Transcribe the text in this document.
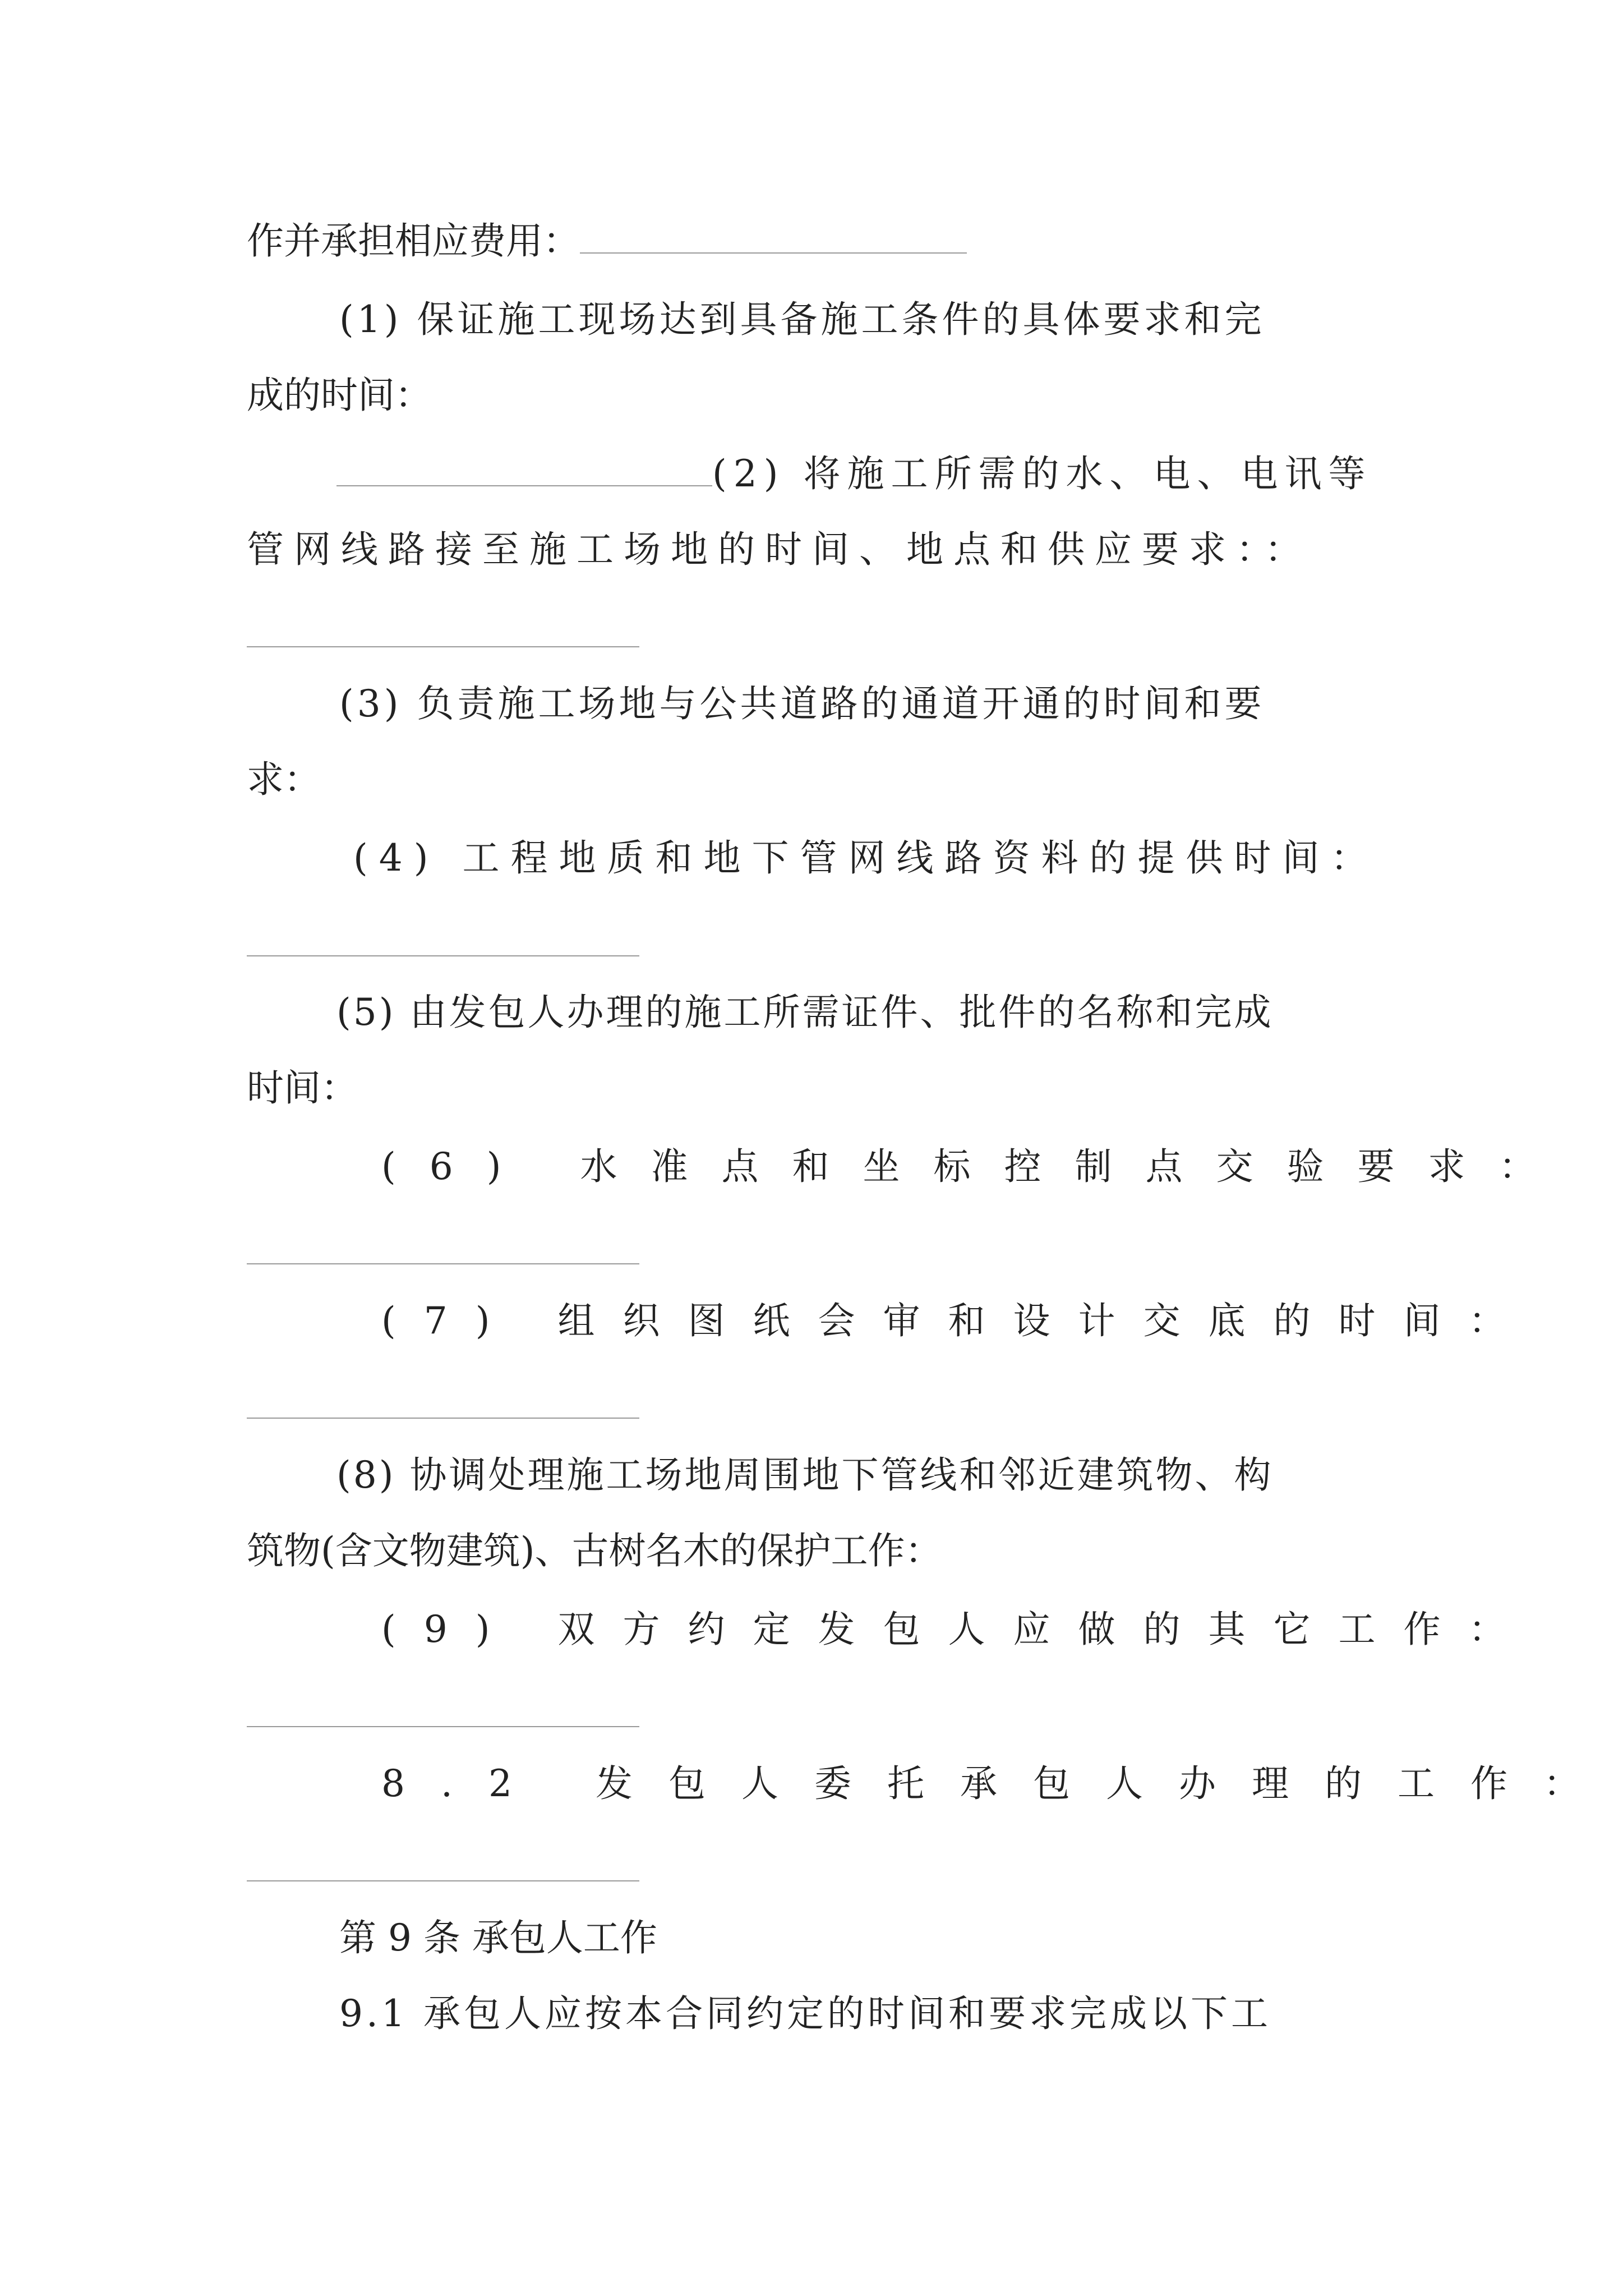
作并承担相应费用：

(1) 保证施工现场达到具备施工条件的具体要求和完

成的时间：

(2) 将施工所需的水、电、电讯等

管网线路接至施工场地的时间、地点和供应要求：：

(3) 负责施工场地与公共道路的通道开通的时间和要

求：

(4) 工程地质和地下管网线路资料的提供时间：

(5) 由发包人办理的施工所需证件、批件的名称和完成

时间：

(6) 水准点和坐标控制点交验要求：

(7) 组织图纸会审和设计交底的时间：

(8) 协调处理施工场地周围地下管线和邻近建筑物、构

筑物(含文物建筑)、古树名木的保护工作：

(9) 双方约定发包人应做的其它工作：

8.2 发包人委托承包人办理的工作：

第 9 条 承包人工作

9.1 承包人应按本合同约定的时间和要求完成以下工
